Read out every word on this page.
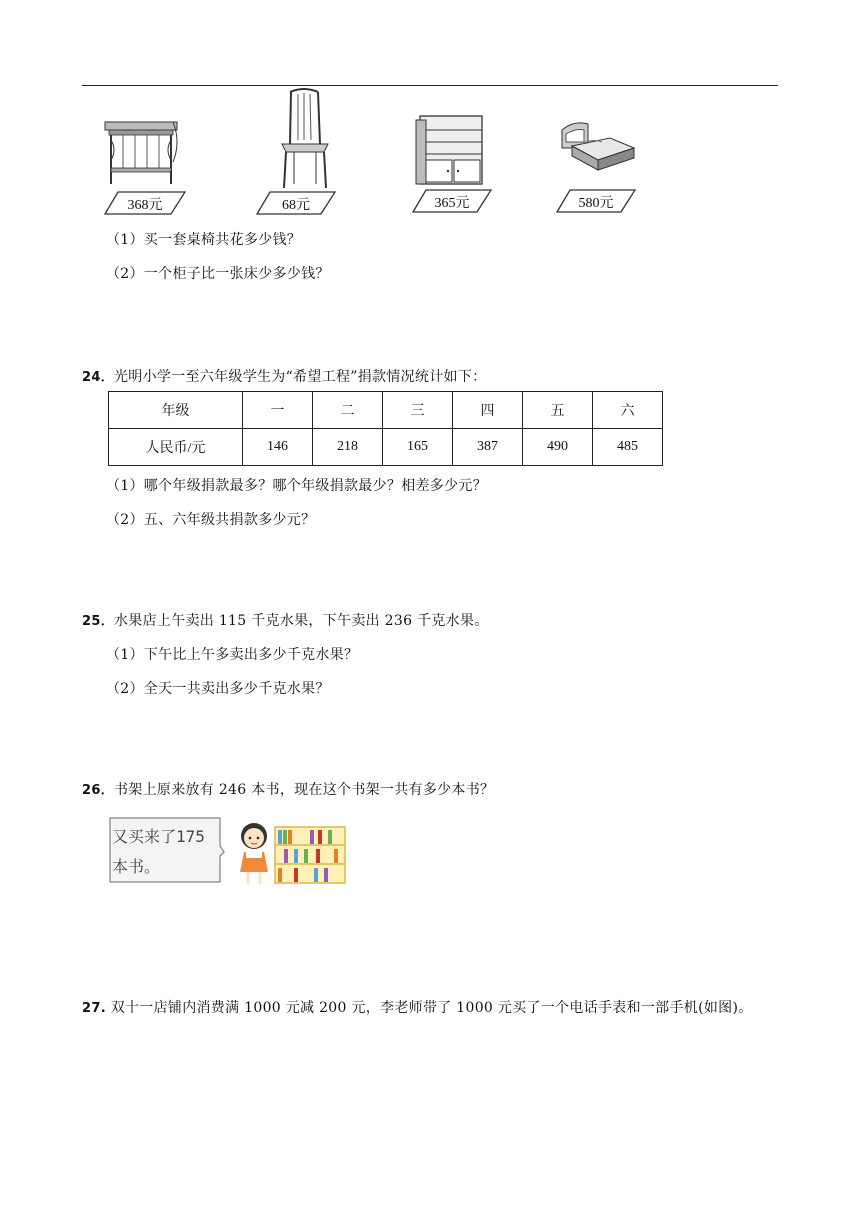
368元	68元	365元	580元
（1）买一套桌椅共花多少钱？
（2）一个柜子比一张床少多少钱？
24．光明小学一至六年级学生为“希望工程”捐款情况统计如下：
年级	一	二	三	四	五	六
人民币/元	146	218	165	387	490	485
（1）哪个年级捐款最多？哪个年级捐款最少？相差多少元？
（2）五、六年级共捐款多少元？
25．水果店上午卖出 115 千克水果，下午卖出 236 千克水果。
（1）下午比上午多卖出多少千克水果？
（2）全天一共卖出多少千克水果？
26．书架上原来放有 246 本书，现在这个书架一共有多少本书？
又买来了175
本书。
27. 双十一店铺内消费满 1000 元减 200 元，李老师带了 1000 元买了一个电话手表和一部手机(如图)。
